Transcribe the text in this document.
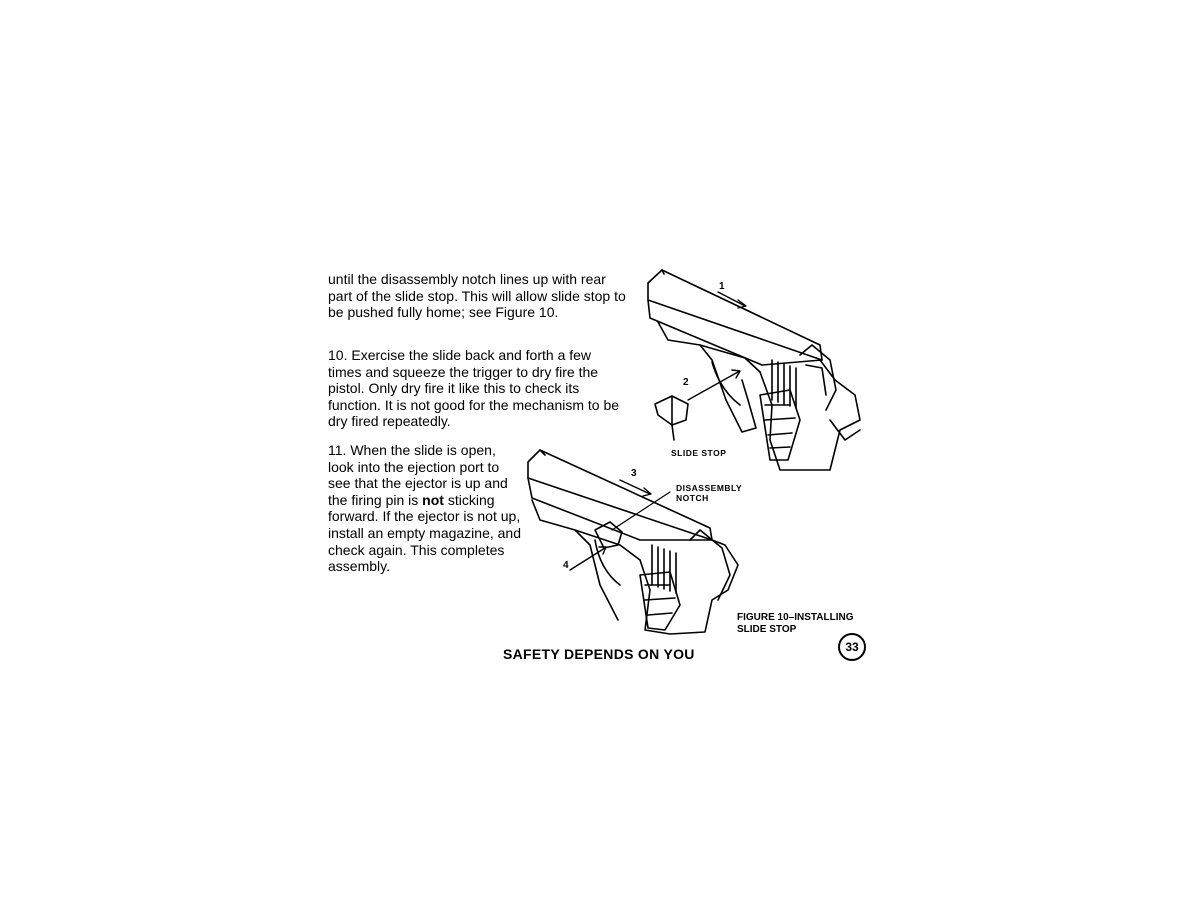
until the disassembly notch lines up with rear part of the slide stop. This will allow slide stop to be pushed fully home; see Figure 10.

10. Exercise the slide back and forth a few times and squeeze the trigger to dry fire the pistol. Only dry fire it like this to check its function. It is not good for the mechanism to be dry fired repeatedly.

11. When the slide is open, look into the ejection port to see that the ejector is up and the firing pin is not sticking forward. If the ejector is not up, install an empty magazine, and check again. This completes assembly.

1
2
3
4
SLIDE STOP
DISASSEMBLY
NOTCH
FIGURE 10–INSTALLING
SLIDE STOP
SAFETY DEPENDS ON YOU	33
